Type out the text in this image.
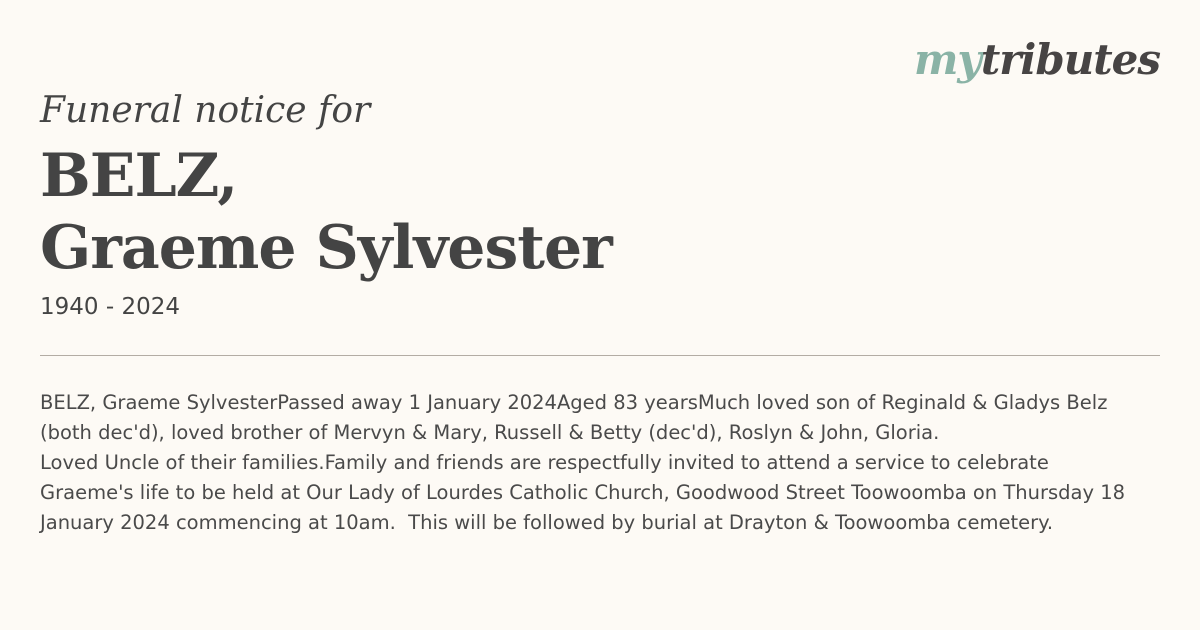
mytributes
Funeral notice for
BELZ,
Graeme Sylvester
1940 - 2024
BELZ, Graeme SylvesterPassed away 1 January 2024Aged 83 yearsMuch loved son of Reginald & Gladys Belz
(both dec'd), loved brother of Mervyn & Mary, Russell & Betty (dec'd), Roslyn & John, Gloria.
Loved Uncle of their families.Family and friends are respectfully invited to attend a service to celebrate
Graeme's life to be held at Our Lady of Lourdes Catholic Church, Goodwood Street Toowoomba on Thursday 18
January 2024 commencing at 10am.  This will be followed by burial at Drayton & Toowoomba cemetery.
